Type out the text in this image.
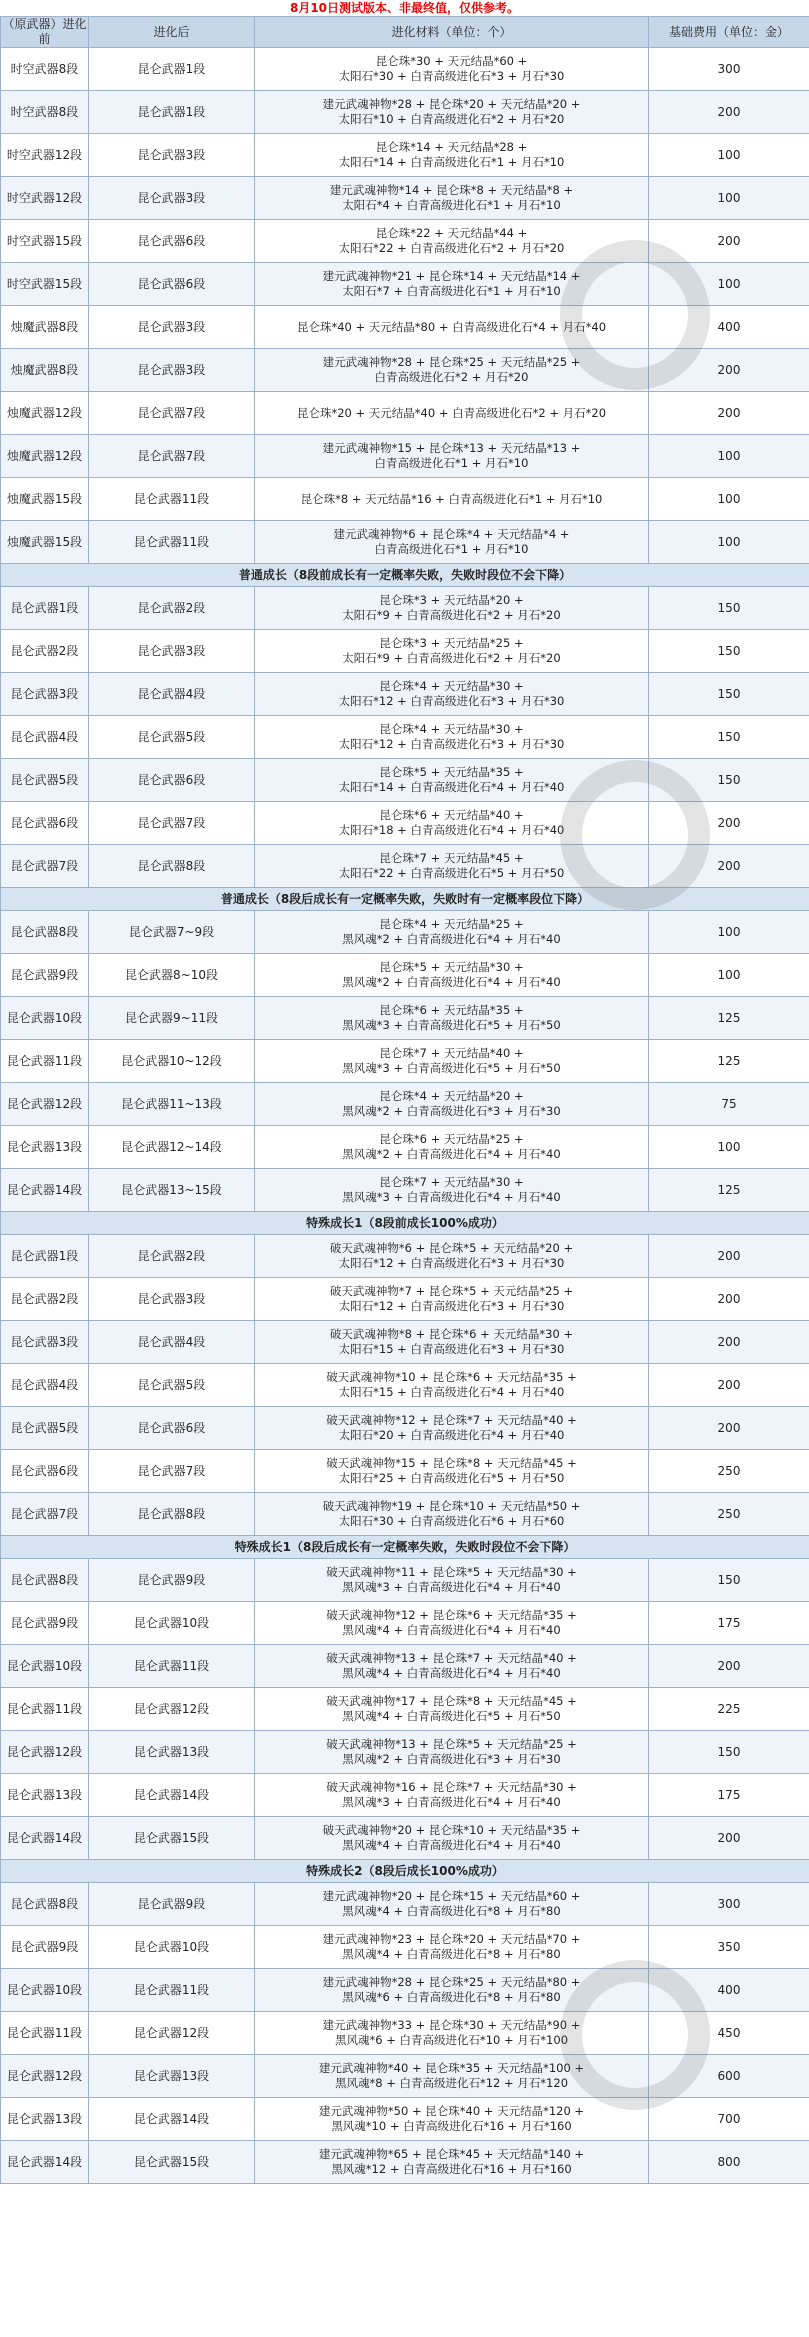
8月10日测试版本、非最终值，仅供参考。
（原武器）进化前	进化后	进化材料（单位：个）	基础费用（单位：金）
时空武器8段	昆仑武器1段	昆仑珠*30 + 天元结晶*60 +
太阳石*30 + 白青高级进化石*3 + 月石*30	300
时空武器8段	昆仑武器1段	建元武魂神物*28 + 昆仑珠*20 + 天元结晶*20 +
太阳石*10 + 白青高级进化石*2 + 月石*20	200
时空武器12段	昆仑武器3段	昆仑珠*14 + 天元结晶*28 +
太阳石*14 + 白青高级进化石*1 + 月石*10	100
时空武器12段	昆仑武器3段	建元武魂神物*14 + 昆仑珠*8 + 天元结晶*8 +
太阳石*4 + 白青高级进化石*1 + 月石*10	100
时空武器15段	昆仑武器6段	昆仑珠*22 + 天元结晶*44 +
太阳石*22 + 白青高级进化石*2 + 月石*20	200
时空武器15段	昆仑武器6段	建元武魂神物*21 + 昆仑珠*14 + 天元结晶*14 +
太阳石*7 + 白青高级进化石*1 + 月石*10	100
烛魔武器8段	昆仑武器3段	昆仑珠*40 + 天元结晶*80 + 白青高级进化石*4 + 月石*40	400
烛魔武器8段	昆仑武器3段	建元武魂神物*28 + 昆仑珠*25 + 天元结晶*25 +
白青高级进化石*2 + 月石*20	200
烛魔武器12段	昆仑武器7段	昆仑珠*20 + 天元结晶*40 + 白青高级进化石*2 + 月石*20	200
烛魔武器12段	昆仑武器7段	建元武魂神物*15 + 昆仑珠*13 + 天元结晶*13 +
白青高级进化石*1 + 月石*10	100
烛魔武器15段	昆仑武器11段	昆仑珠*8 + 天元结晶*16 + 白青高级进化石*1 + 月石*10	100
烛魔武器15段	昆仑武器11段	建元武魂神物*6 + 昆仑珠*4 + 天元结晶*4 +
白青高级进化石*1 + 月石*10	100
普通成长（8段前成长有一定概率失败，失败时段位不会下降）			
昆仑武器1段	昆仑武器2段	昆仑珠*3 + 天元结晶*20 +
太阳石*9 + 白青高级进化石*2 + 月石*20	150
昆仑武器2段	昆仑武器3段	昆仑珠*3 + 天元结晶*25 +
太阳石*9 + 白青高级进化石*2 + 月石*20	150
昆仑武器3段	昆仑武器4段	昆仑珠*4 + 天元结晶*30 +
太阳石*12 + 白青高级进化石*3 + 月石*30	150
昆仑武器4段	昆仑武器5段	昆仑珠*4 + 天元结晶*30 +
太阳石*12 + 白青高级进化石*3 + 月石*30	150
昆仑武器5段	昆仑武器6段	昆仑珠*5 + 天元结晶*35 +
太阳石*14 + 白青高级进化石*4 + 月石*40	150
昆仑武器6段	昆仑武器7段	昆仑珠*6 + 天元结晶*40 +
太阳石*18 + 白青高级进化石*4 + 月石*40	200
昆仑武器7段	昆仑武器8段	昆仑珠*7 + 天元结晶*45 +
太阳石*22 + 白青高级进化石*5 + 月石*50	200
普通成长（8段后成长有一定概率失败，失败时有一定概率段位下降）			
昆仑武器8段	昆仑武器7~9段	昆仑珠*4 + 天元结晶*25 +
黑风魂*2 + 白青高级进化石*4 + 月石*40	100
昆仑武器9段	昆仑武器8~10段	昆仑珠*5 + 天元结晶*30 +
黑风魂*2 + 白青高级进化石*4 + 月石*40	100
昆仑武器10段	昆仑武器9~11段	昆仑珠*6 + 天元结晶*35 +
黑风魂*3 + 白青高级进化石*5 + 月石*50	125
昆仑武器11段	昆仑武器10~12段	昆仑珠*7 + 天元结晶*40 +
黑风魂*3 + 白青高级进化石*5 + 月石*50	125
昆仑武器12段	昆仑武器11~13段	昆仑珠*4 + 天元结晶*20 +
黑风魂*2 + 白青高级进化石*3 + 月石*30	75
昆仑武器13段	昆仑武器12~14段	昆仑珠*6 + 天元结晶*25 +
黑风魂*2 + 白青高级进化石*4 + 月石*40	100
昆仑武器14段	昆仑武器13~15段	昆仑珠*7 + 天元结晶*30 +
黑风魂*3 + 白青高级进化石*4 + 月石*40	125
特殊成长1（8段前成长100%成功）			
昆仑武器1段	昆仑武器2段	破天武魂神物*6 + 昆仑珠*5 + 天元结晶*20 +
太阳石*12 + 白青高级进化石*3 + 月石*30	200
昆仑武器2段	昆仑武器3段	破天武魂神物*7 + 昆仑珠*5 + 天元结晶*25 +
太阳石*12 + 白青高级进化石*3 + 月石*30	200
昆仑武器3段	昆仑武器4段	破天武魂神物*8 + 昆仑珠*6 + 天元结晶*30 +
太阳石*15 + 白青高级进化石*3 + 月石*30	200
昆仑武器4段	昆仑武器5段	破天武魂神物*10 + 昆仑珠*6 + 天元结晶*35 +
太阳石*15 + 白青高级进化石*4 + 月石*40	200
昆仑武器5段	昆仑武器6段	破天武魂神物*12 + 昆仑珠*7 + 天元结晶*40 +
太阳石*20 + 白青高级进化石*4 + 月石*40	200
昆仑武器6段	昆仑武器7段	破天武魂神物*15 + 昆仑珠*8 + 天元结晶*45 +
太阳石*25 + 白青高级进化石*5 + 月石*50	250
昆仑武器7段	昆仑武器8段	破天武魂神物*19 + 昆仑珠*10 + 天元结晶*50 +
太阳石*30 + 白青高级进化石*6 + 月石*60	250
特殊成长1（8段后成长有一定概率失败，失败时段位不会下降）			
昆仑武器8段	昆仑武器9段	破天武魂神物*11 + 昆仑珠*5 + 天元结晶*30 +
黑风魂*3 + 白青高级进化石*4 + 月石*40	150
昆仑武器9段	昆仑武器10段	破天武魂神物*12 + 昆仑珠*6 + 天元结晶*35 +
黑风魂*4 + 白青高级进化石*4 + 月石*40	175
昆仑武器10段	昆仑武器11段	破天武魂神物*13 + 昆仑珠*7 + 天元结晶*40 +
黑风魂*4 + 白青高级进化石*4 + 月石*40	200
昆仑武器11段	昆仑武器12段	破天武魂神物*17 + 昆仑珠*8 + 天元结晶*45 +
黑风魂*4 + 白青高级进化石*5 + 月石*50	225
昆仑武器12段	昆仑武器13段	破天武魂神物*13 + 昆仑珠*5 + 天元结晶*25 +
黑风魂*2 + 白青高级进化石*3 + 月石*30	150
昆仑武器13段	昆仑武器14段	破天武魂神物*16 + 昆仑珠*7 + 天元结晶*30 +
黑风魂*3 + 白青高级进化石*4 + 月石*40	175
昆仑武器14段	昆仑武器15段	破天武魂神物*20 + 昆仑珠*10 + 天元结晶*35 +
黑风魂*4 + 白青高级进化石*4 + 月石*40	200
特殊成长2（8段后成长100%成功）			
昆仑武器8段	昆仑武器9段	建元武魂神物*20 + 昆仑珠*15 + 天元结晶*60 +
黑风魂*4 + 白青高级进化石*8 + 月石*80	300
昆仑武器9段	昆仑武器10段	建元武魂神物*23 + 昆仑珠*20 + 天元结晶*70 +
黑风魂*4 + 白青高级进化石*8 + 月石*80	350
昆仑武器10段	昆仑武器11段	建元武魂神物*28 + 昆仑珠*25 + 天元结晶*80 +
黑风魂*6 + 白青高级进化石*8 + 月石*80	400
昆仑武器11段	昆仑武器12段	建元武魂神物*33 + 昆仑珠*30 + 天元结晶*90 +
黑风魂*6 + 白青高级进化石*10 + 月石*100	450
昆仑武器12段	昆仑武器13段	建元武魂神物*40 + 昆仑珠*35 + 天元结晶*100 +
黑风魂*8 + 白青高级进化石*12 + 月石*120	600
昆仑武器13段	昆仑武器14段	建元武魂神物*50 + 昆仑珠*40 + 天元结晶*120 +
黑风魂*10 + 白青高级进化石*16 + 月石*160	700
昆仑武器14段	昆仑武器15段	建元武魂神物*65 + 昆仑珠*45 + 天元结晶*140 +
黑风魂*12 + 白青高级进化石*16 + 月石*160	800
